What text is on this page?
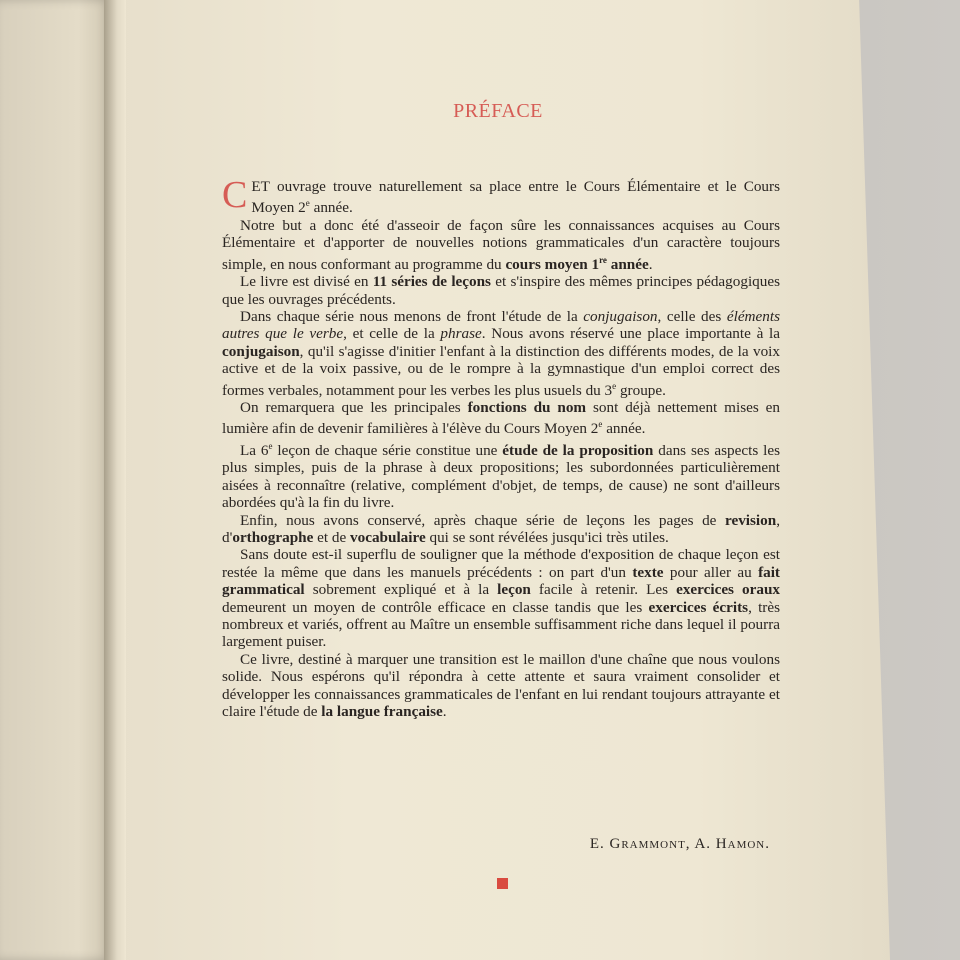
PRÉFACE

CET ouvrage trouve naturellement sa place entre le Cours Élémentaire et le Cours Moyen 2e année.

Notre but a donc été d'asseoir de façon sûre les connaissances acquises au Cours Élémentaire et d'apporter de nouvelles notions grammaticales d'un caractère toujours simple, en nous conformant au programme du cours moyen 1re année.

Le livre est divisé en 11 séries de leçons et s'inspire des mêmes principes pédagogiques que les ouvrages précédents.

Dans chaque série nous menons de front l'étude de la conjugaison, celle des éléments autres que le verbe, et celle de la phrase. Nous avons réservé une place importante à la conjugaison, qu'il s'agisse d'initier l'enfant à la distinction des différents modes, de la voix active et de la voix passive, ou de le rompre à la gymnastique d'un emploi correct des formes verbales, notamment pour les verbes les plus usuels du 3e groupe.

On remarquera que les principales fonctions du nom sont déjà nettement mises en lumière afin de devenir familières à l'élève du Cours Moyen 2e année.

La 6e leçon de chaque série constitue une étude de la proposition dans ses aspects les plus simples, puis de la phrase à deux propositions; les subordonnées particulièrement aisées à reconnaître (relative, complément d'objet, de temps, de cause) ne sont d'ailleurs abordées qu'à la fin du livre.

Enfin, nous avons conservé, après chaque série de leçons les pages de revision, d'orthographe et de vocabulaire qui se sont révélées jusqu'ici très utiles.

Sans doute est-il superflu de souligner que la méthode d'exposition de chaque leçon est restée la même que dans les manuels précédents : on part d'un texte pour aller au fait grammatical sobrement expliqué et à la leçon facile à retenir. Les exercices oraux demeurent un moyen de contrôle efficace en classe tandis que les exercices écrits, très nombreux et variés, offrent au Maître un ensemble suffisamment riche dans lequel il pourra largement puiser.

Ce livre, destiné à marquer une transition est le maillon d'une chaîne que nous voulons solide. Nous espérons qu'il répondra à cette attente et saura vraiment consolider et développer les connaissances grammaticales de l'enfant en lui rendant toujours attrayante et claire l'étude de la langue française.

E. Grammont, A. Hamon.
